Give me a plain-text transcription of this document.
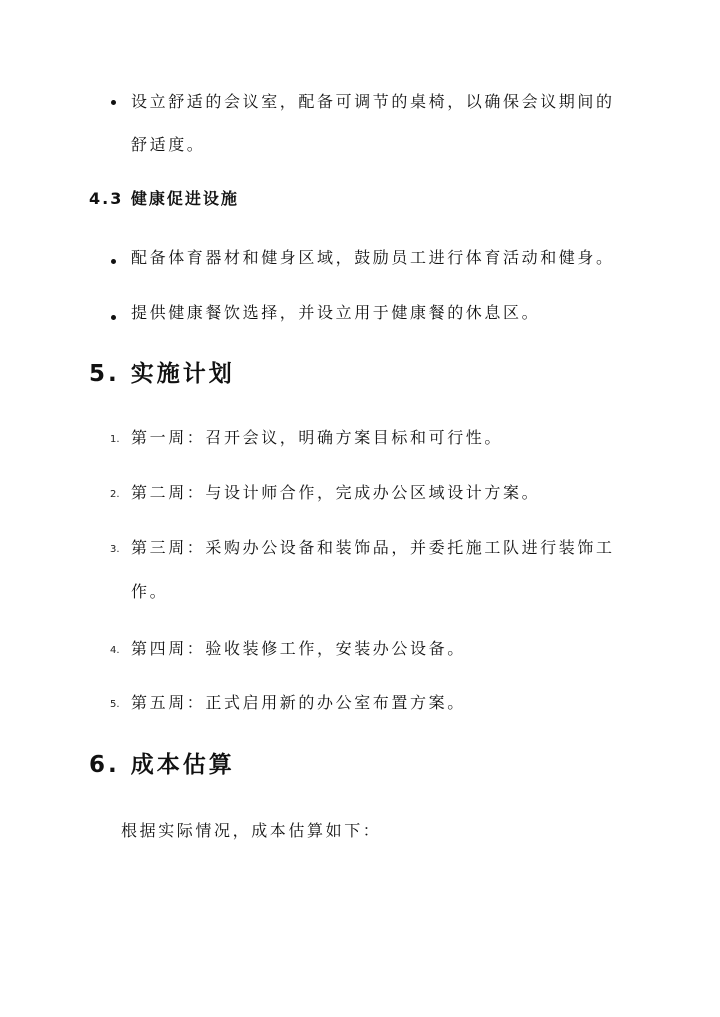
设立舒适的会议室，配备可调节的桌椅，以确保会议期间的
舒适度。
4.3 健康促进设施
配备体育器材和健身区域，鼓励员工进行体育活动和健身。
提供健康餐饮选择，并设立用于健康餐的休息区。
5. 实施计划
1. 第一周：召开会议，明确方案目标和可行性。
2. 第二周：与设计师合作，完成办公区域设计方案。
3. 第三周：采购办公设备和装饰品，并委托施工队进行装饰工
作。
4. 第四周：验收装修工作，安装办公设备。
5. 第五周：正式启用新的办公室布置方案。
6. 成本估算
根据实际情况，成本估算如下：
